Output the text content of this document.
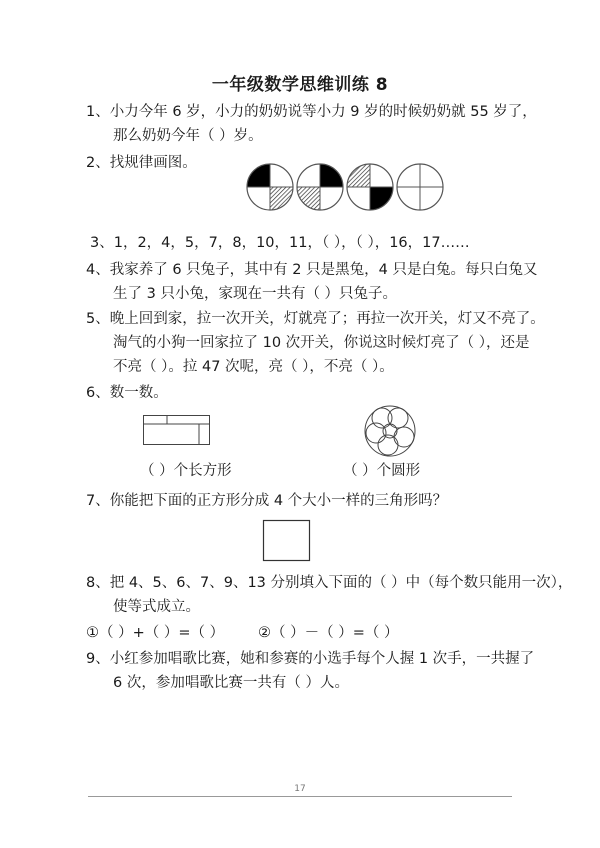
一年级数学思维训练 8
1、小力今年 6 岁，小力的奶奶说等小力 9 岁的时候奶奶就 55 岁了，
那么奶奶今年（ ）岁。
2、找规律画图。
3、1，2，4，5，7，8，10，11，（ ），（ ），16，17……
4、我家养了 6 只兔子，其中有 2 只是黑兔，4 只是白兔。每只白兔又
生了 3 只小兔，家现在一共有（ ）只兔子。
5、晚上回到家，拉一次开关，灯就亮了；再拉一次开关，灯又不亮了。
淘气的小狗一回家拉了 10 次开关，你说这时候灯亮了（ ），还是
不亮（ ）。拉 47 次呢，亮（ ），不亮（ ）。
6、数一数。
（ ）个长方形	（ ）个圆形
7、你能把下面的正方形分成 4 个大小一样的三角形吗？
8、把 4、5、6、7、9、13 分别填入下面的（ ）中（每个数只能用一次），
使等式成立。
①（ ）+（ ）=（ ） ②（ ）－（ ）=（ ）
9、小红参加唱歌比赛，她和参赛的小选手每个人握 1 次手，一共握了
6 次，参加唱歌比赛一共有（ ）人。
17
